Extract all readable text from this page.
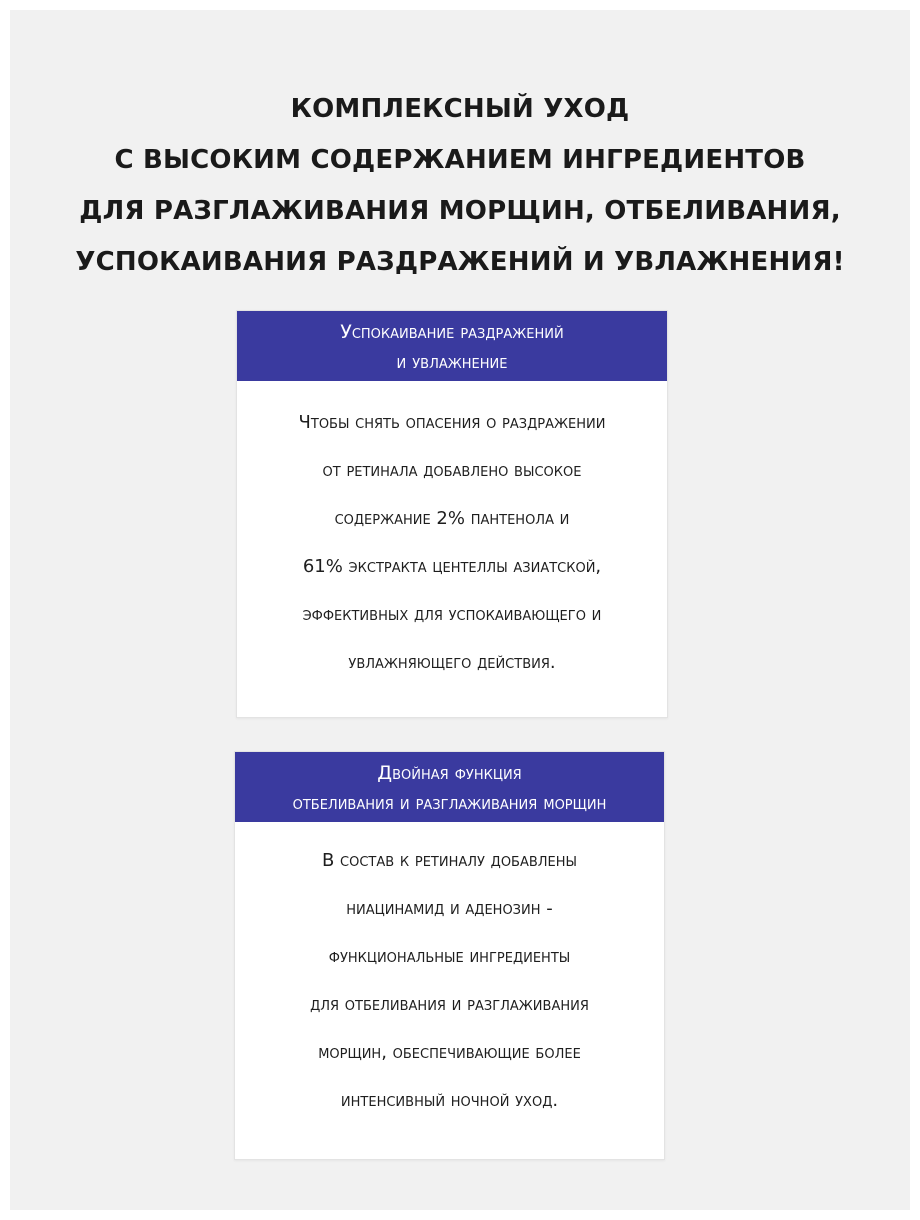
КОМПЛЕКСНЫЙ УХОД
С ВЫСОКИМ СОДЕРЖАНИЕМ ИНГРЕДИЕНТОВ
ДЛЯ РАЗГЛАЖИВАНИЯ МОРЩИН, ОТБЕЛИВАНИЯ,
УСПОКАИВАНИЯ РАЗДРАЖЕНИЙ И УВЛАЖНЕНИЯ!
Успокаивание раздражений
и увлажнение
Чтобы снять опасения о раздражении
от ретинала добавлено высокое
содержание 2% пантенола и
61% экстракта центеллы азиатской,
эффективных для успокаивающего и
увлажняющего действия.
Двойная функция
отбеливания и разглаживания морщин
В состав к ретиналу добавлены
ниацинамид и аденозин -
функциональные ингредиенты
для отбеливания и разглаживания
морщин, обеспечивающие более
интенсивный ночной уход.
